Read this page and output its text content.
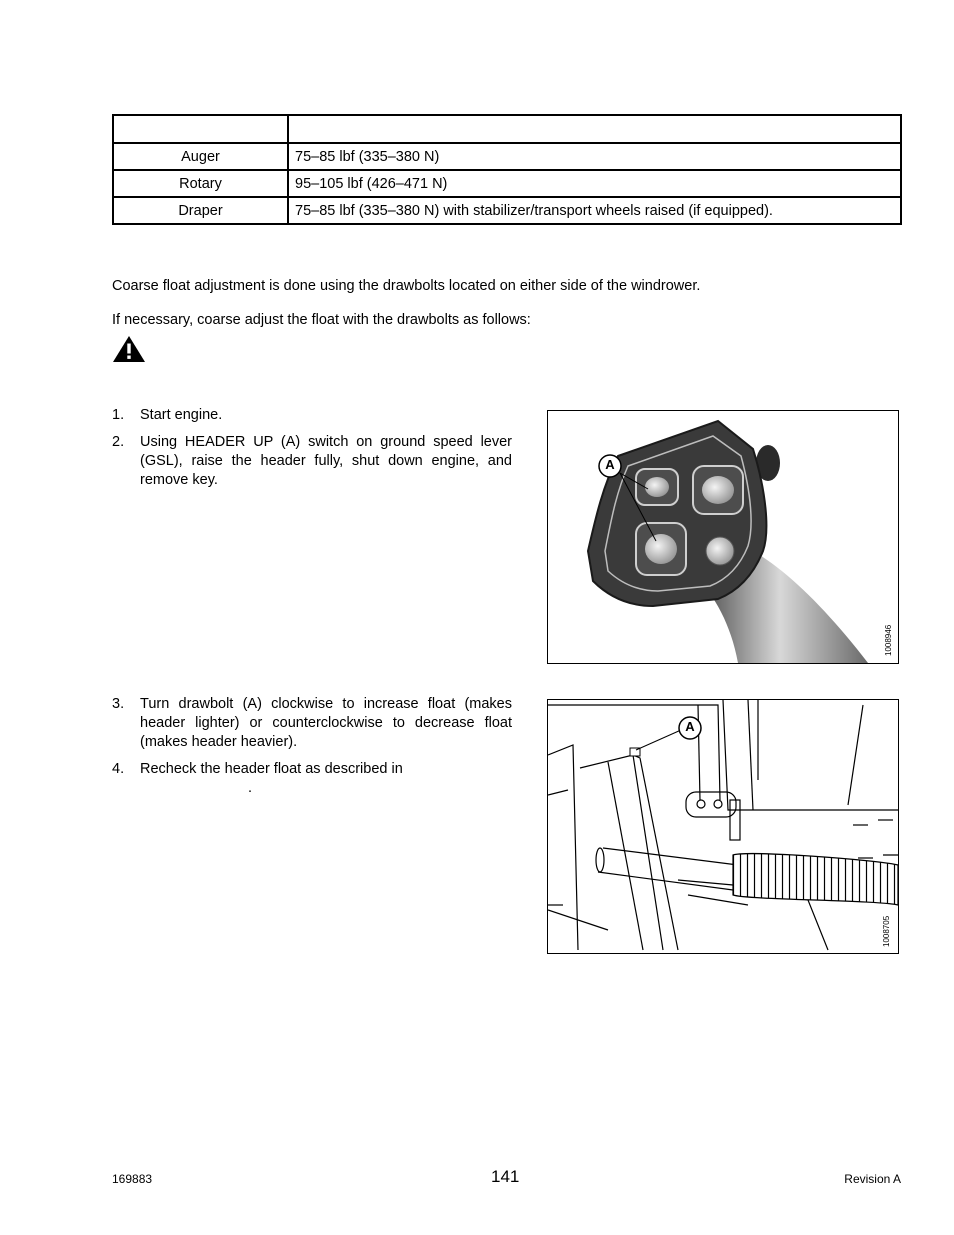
Auger	75–85 lbf (335–380 N)
Rotary	95–105 lbf (426–471 N)
Draper	75–85 lbf (335–380 N) with stabilizer/transport wheels raised (if equipped).
Coarse float adjustment is done using the drawbolts located on either side of the windrower.
If necessary, coarse adjust the float with the drawbolts as follows:
1. Start engine.
2. Using HEADER UP (A) switch on ground speed lever (GSL), raise the header fully, shut down engine, and remove key.
A
1008946
3. Turn drawbolt (A) clockwise to increase float (makes header lighter) or counterclockwise to decrease float (makes header heavier).
4. Recheck the header float as described in
.
A
1008705
169883	141	Revision A
